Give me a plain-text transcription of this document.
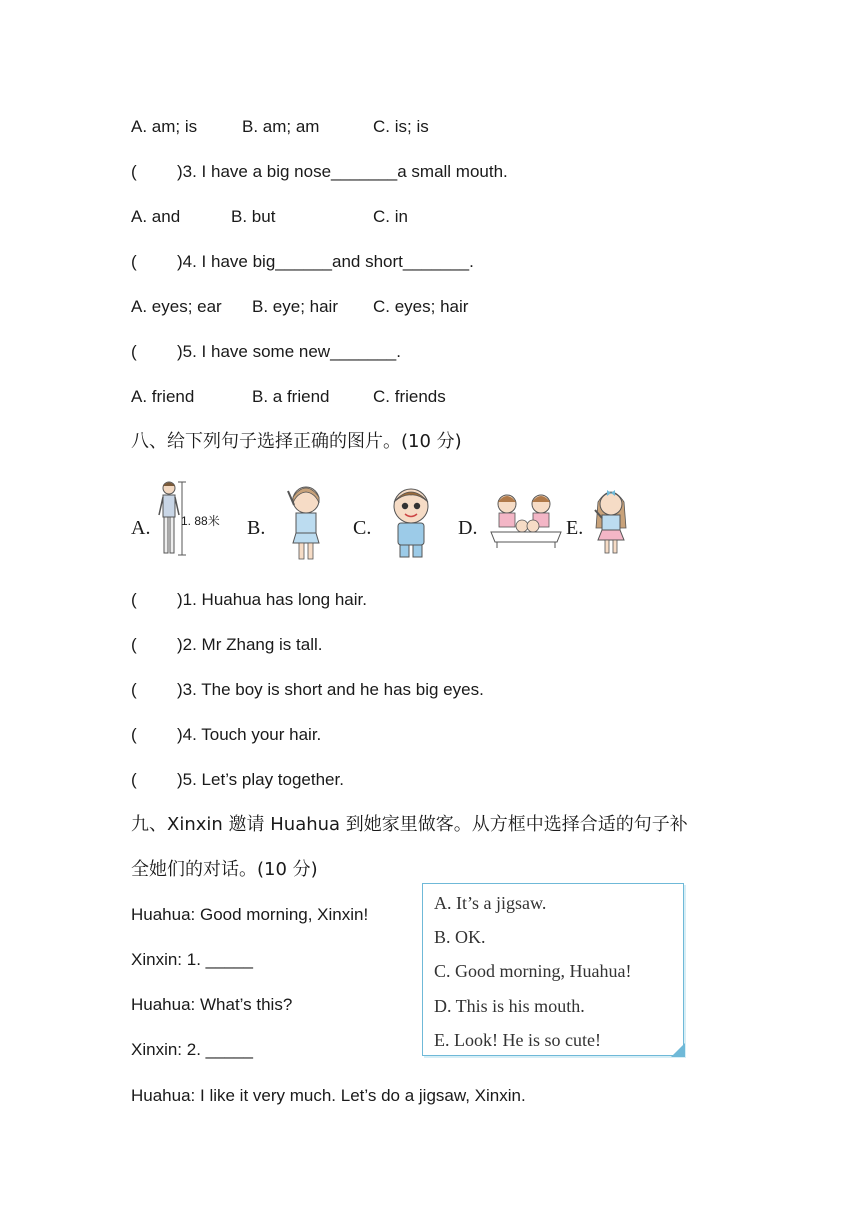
A. am; is	B. am; am	C. is; is
( )3. I have a big nose_______a small mouth.
A. and	B. but	C. in
( )4. I have big______and short_______.
A. eyes; ear B. eye; hair C. eyes; hair
( )5. I have some new_______.
A. friend	B. a friend	C. friends
八、给下列句子选择正确的图片。(10 分)
A.	1. 88米 B.	C.	D.	E.
( )1. Huahua has long hair.
( )2. Mr Zhang is tall.
( )3. The boy is short and he has big eyes.
( )4. Touch your hair.
( )5. Let’s play together.
九、Xinxin 邀请 Huahua 到她家里做客。从方框中选择合适的句子补
全她们的对话。(10 分)
Huahua: Good morning, Xinxin!
Xinxin: 1. _____
Huahua: What’s this?
Xinxin: 2. _____
Huahua: I like it very much. Let’s do a jigsaw, Xinxin.
A. It’s a jigsaw.
B. OK.
C. Good morning, Huahua!
D. This is his mouth.
E. Look! He is so cute!
